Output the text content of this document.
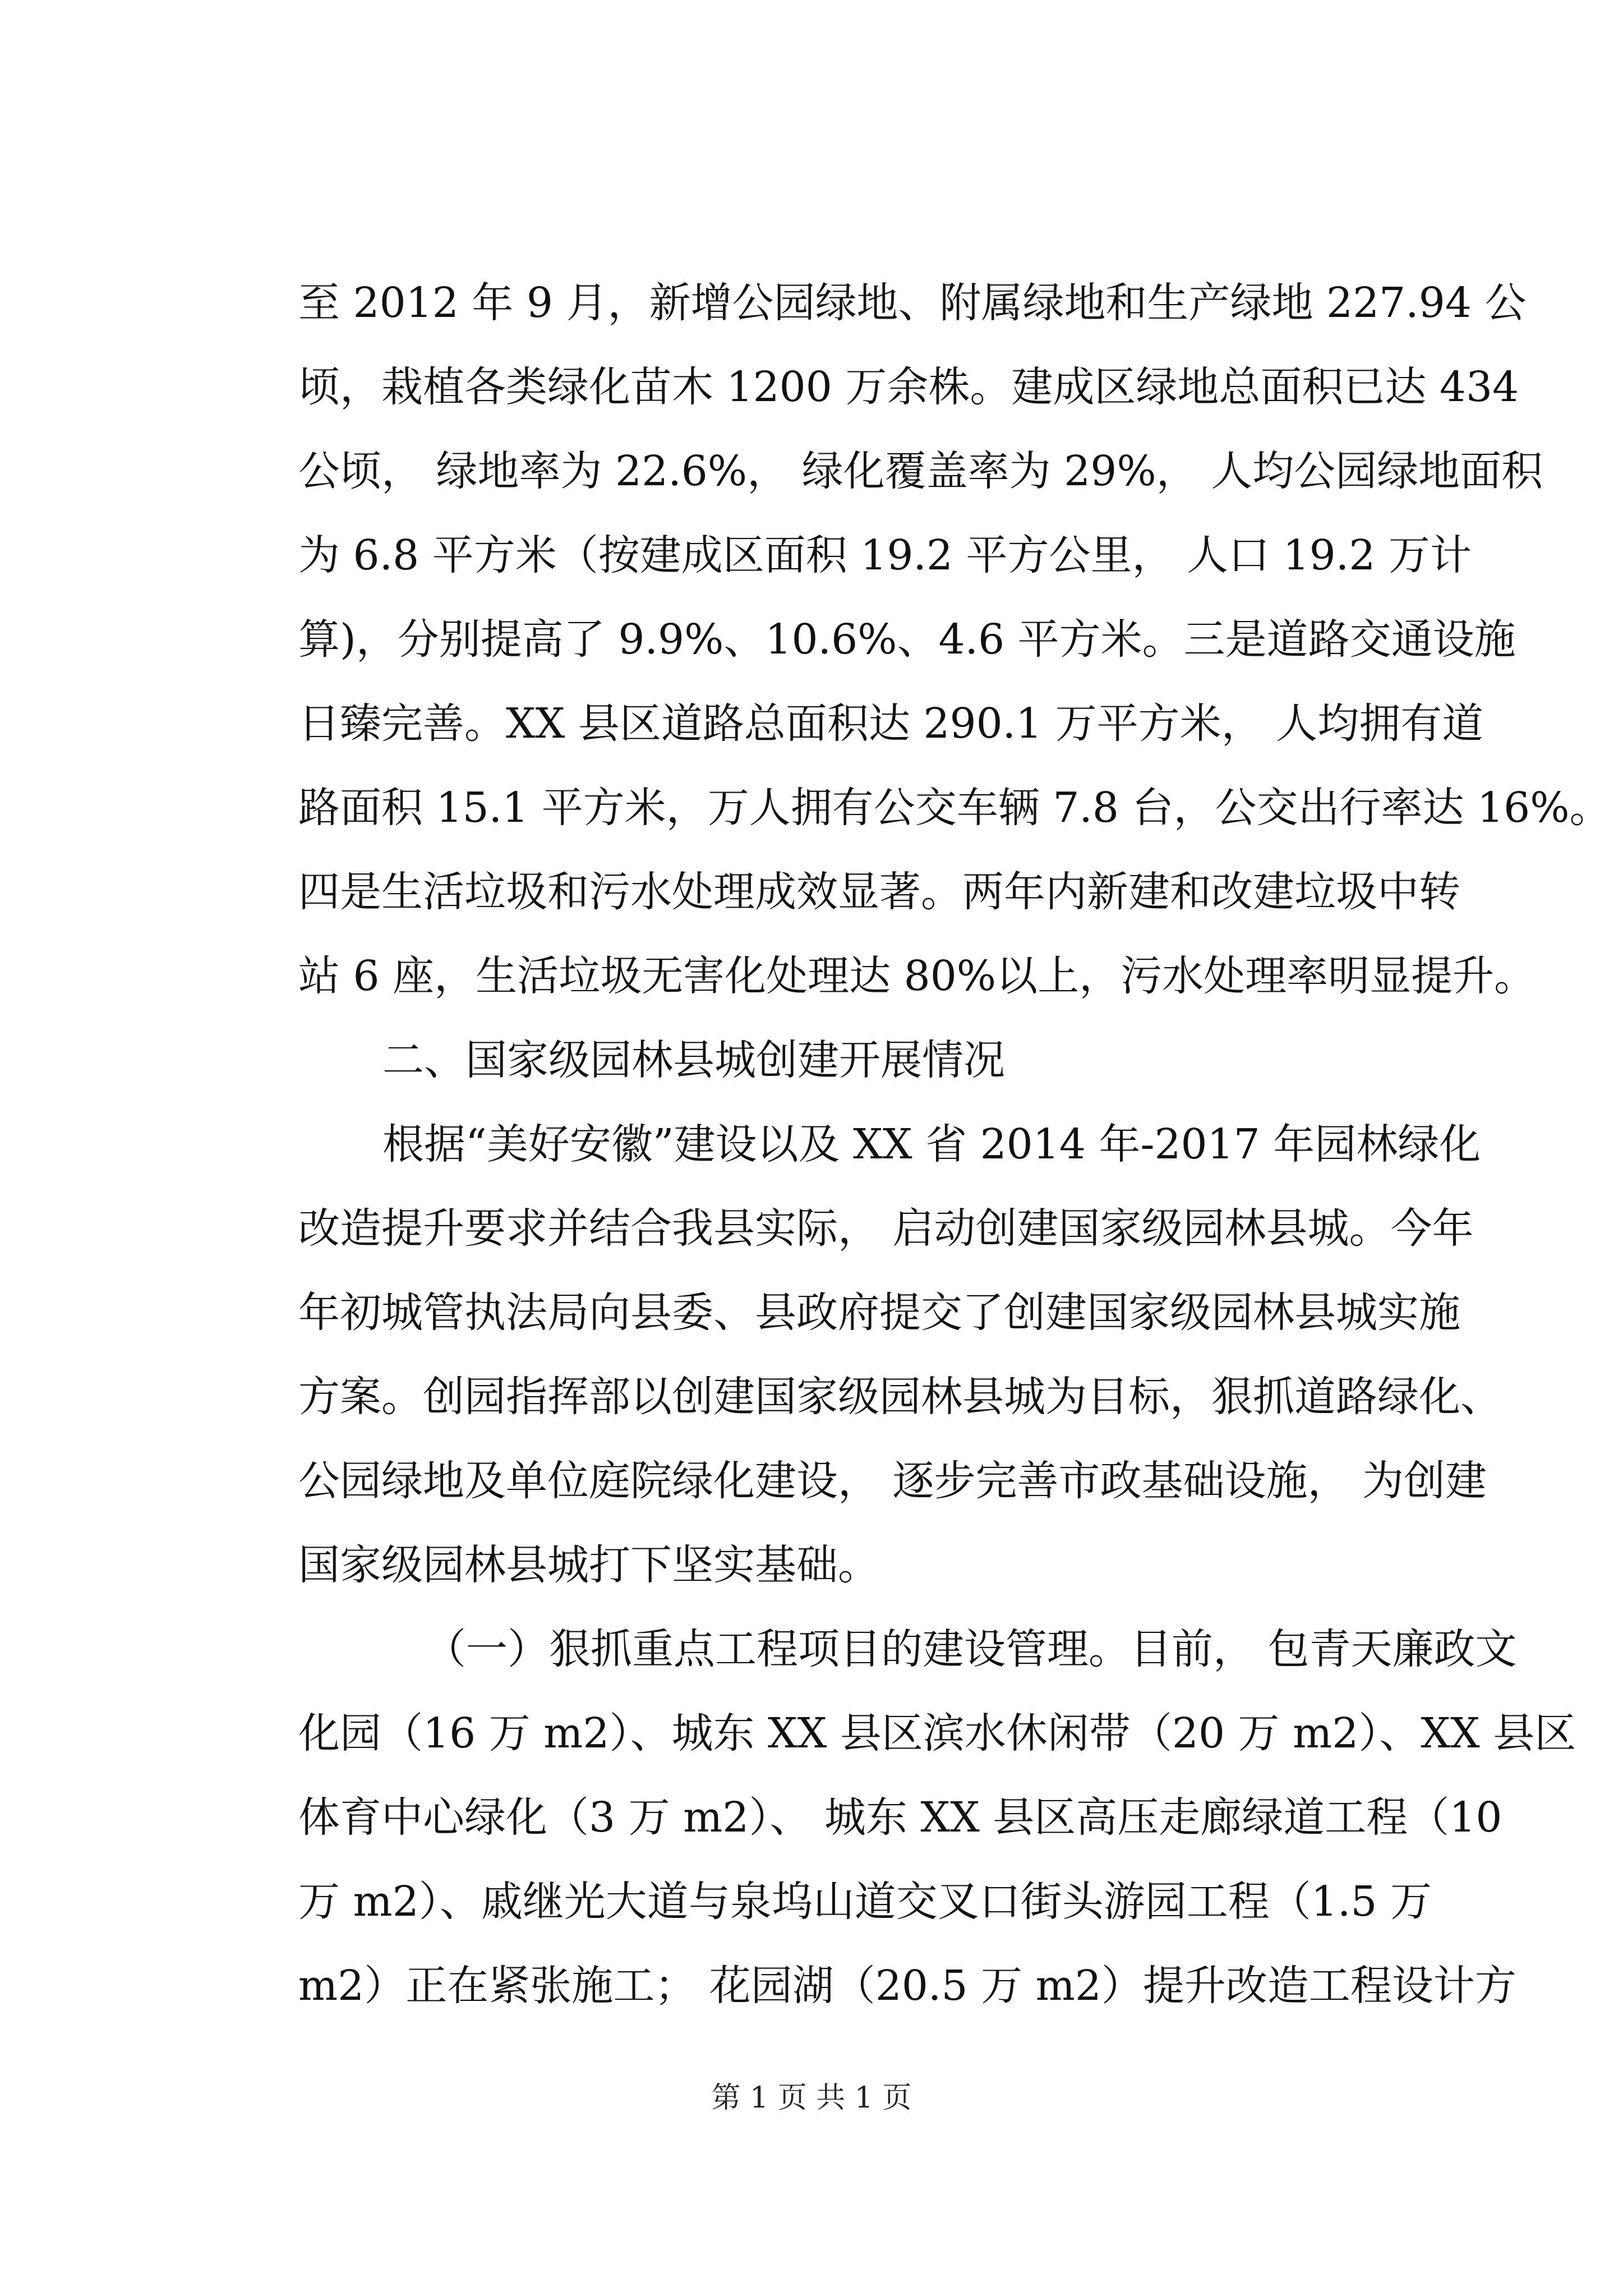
至 2012 年 9 月，新增公园绿地、附属绿地和生产绿地 227.94 公
顷，栽植各类绿化苗木 1200 万余株。建成区绿地总面积已达 434
公顷， 绿地率为 22.6%， 绿化覆盖率为 29%， 人均公园绿地面积
为 6.8 平方米（按建成区面积 19.2 平方公里， 人口 19.2 万计
算)，分别提高了 9.9%、10.6%、4.6 平方米。三是道路交通设施
日臻完善。XX 县区道路总面积达 290.1 万平方米， 人均拥有道
路面积 15.1 平方米，万人拥有公交车辆 7.8 台，公交出行率达 16%。
四是生活垃圾和污水处理成效显著。两年内新建和改建垃圾中转
站 6 座，生活垃圾无害化处理达 80%以上，污水处理率明显提升。
二、国家级园林县城创建开展情况
根据“美好安徽”建设以及 XX 省 2014 年-2017 年园林绿化
改造提升要求并结合我县实际， 启动创建国家级园林县城。今年
年初城管执法局向县委、县政府提交了创建国家级园林县城实施
方案。创园指挥部以创建国家级园林县城为目标，狠抓道路绿化、
公园绿地及单位庭院绿化建设， 逐步完善市政基础设施， 为创建
国家级园林县城打下坚实基础。
（一）狠抓重点工程项目的建设管理。目前， 包青天廉政文
化园（16 万 m2）、城东 XX 县区滨水休闲带（20 万 m2）、XX 县区
体育中心绿化（3 万 m2）、 城东 XX 县区高压走廊绿道工程（10
万 m2）、戚继光大道与泉坞山道交叉口街头游园工程（1.5 万
m2）正在紧张施工； 花园湖（20.5 万 m2）提升改造工程设计方
第 1 页 共 1 页
